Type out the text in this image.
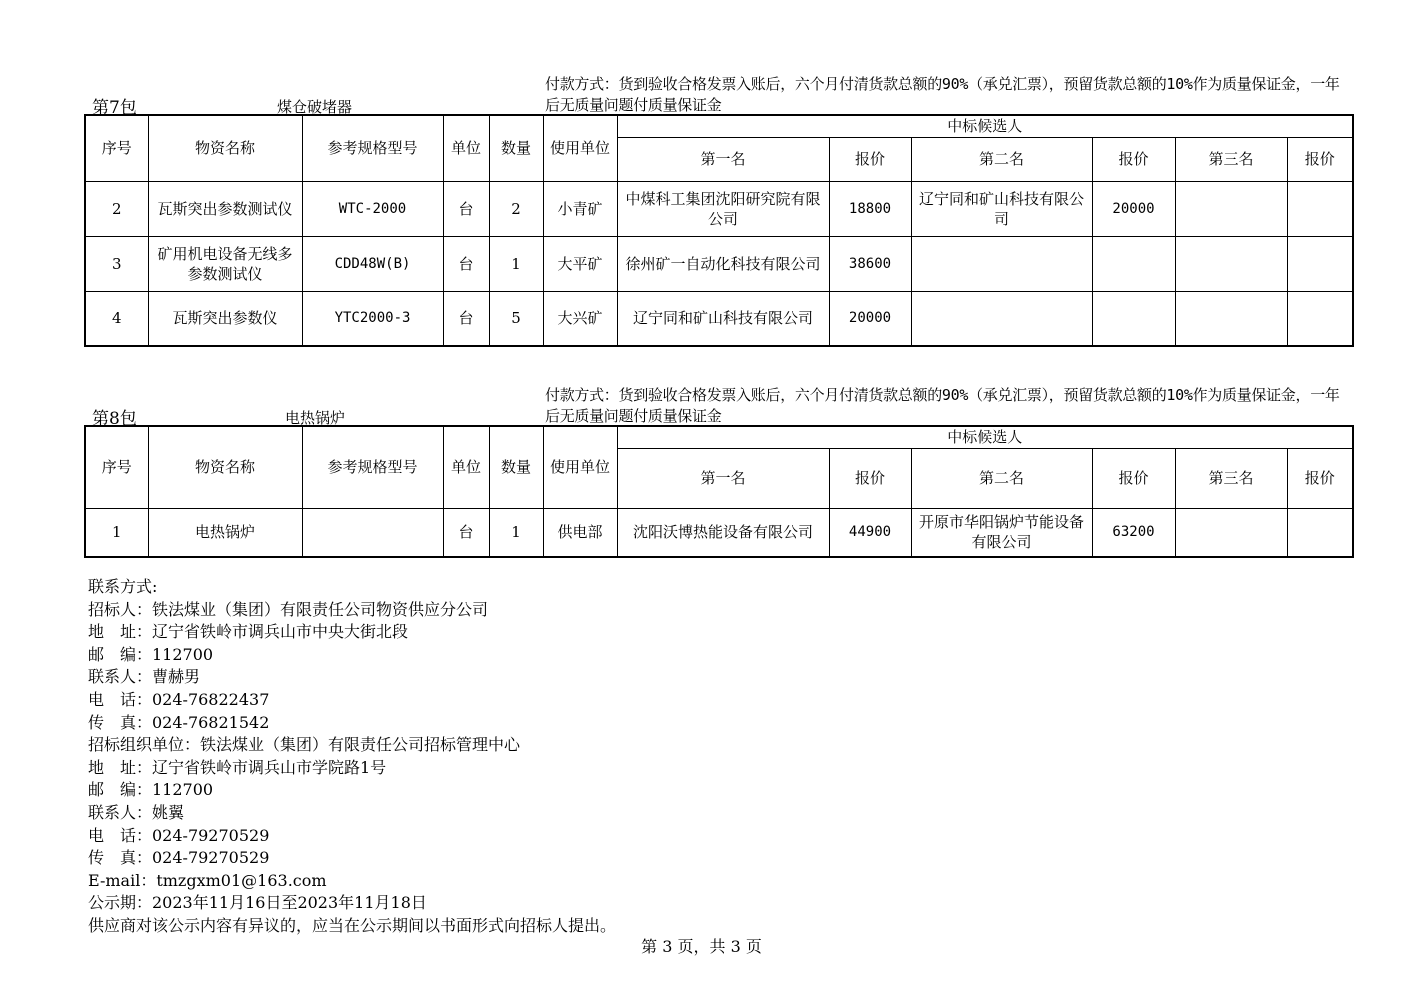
第7包	煤仓破堵器
付款方式：货到验收合格发票入账后，六个月付清货款总额的90%（承兑汇票），预留货款总额的10%作为质量保证金，一年后无质量问题付质量保证金
序号	物资名称	参考规格型号	单位	数量	使用单位	中标候选人					
						第一名	报价	第二名	报价	第三名	报价
2	瓦斯突出参数测试仪	WTC-2000	台	2	小青矿	中煤科工集团沈阳研究院有限公司	18800	辽宁同和矿山科技有限公司	20000		
3	矿用机电设备无线多参数测试仪	CDD48W(B)	台	1	大平矿	徐州矿一自动化科技有限公司	38600				
4	瓦斯突出参数仪	YTC2000-3	台	5	大兴矿	辽宁同和矿山科技有限公司	20000				
第8包	电热锅炉
付款方式：货到验收合格发票入账后，六个月付清货款总额的90%（承兑汇票），预留货款总额的10%作为质量保证金，一年后无质量问题付质量保证金
序号	物资名称	参考规格型号	单位	数量	使用单位	中标候选人					
						第一名	报价	第二名	报价	第三名	报价
1	电热锅炉		台	1	供电部	沈阳沃博热能设备有限公司	44900	开原市华阳锅炉节能设备有限公司	63200		
联系方式:
招标人：铁法煤业（集团）有限责任公司物资供应分公司
地　址：辽宁省铁岭市调兵山市中央大街北段
邮　编：112700
联系人：曹赫男
电　话：024-76822437
传　真：024-76821542
招标组织单位：铁法煤业（集团）有限责任公司招标管理中心
地　址：辽宁省铁岭市调兵山市学院路1号
邮　编：112700
联系人：姚翼
电　话：024-79270529
传　真：024-79270529
E-mail：tmzgxm01@163.com
公示期：2023年11月16日至2023年11月18日
供应商对该公示内容有异议的，应当在公示期间以书面形式向招标人提出。
第 3 页，共 3 页
